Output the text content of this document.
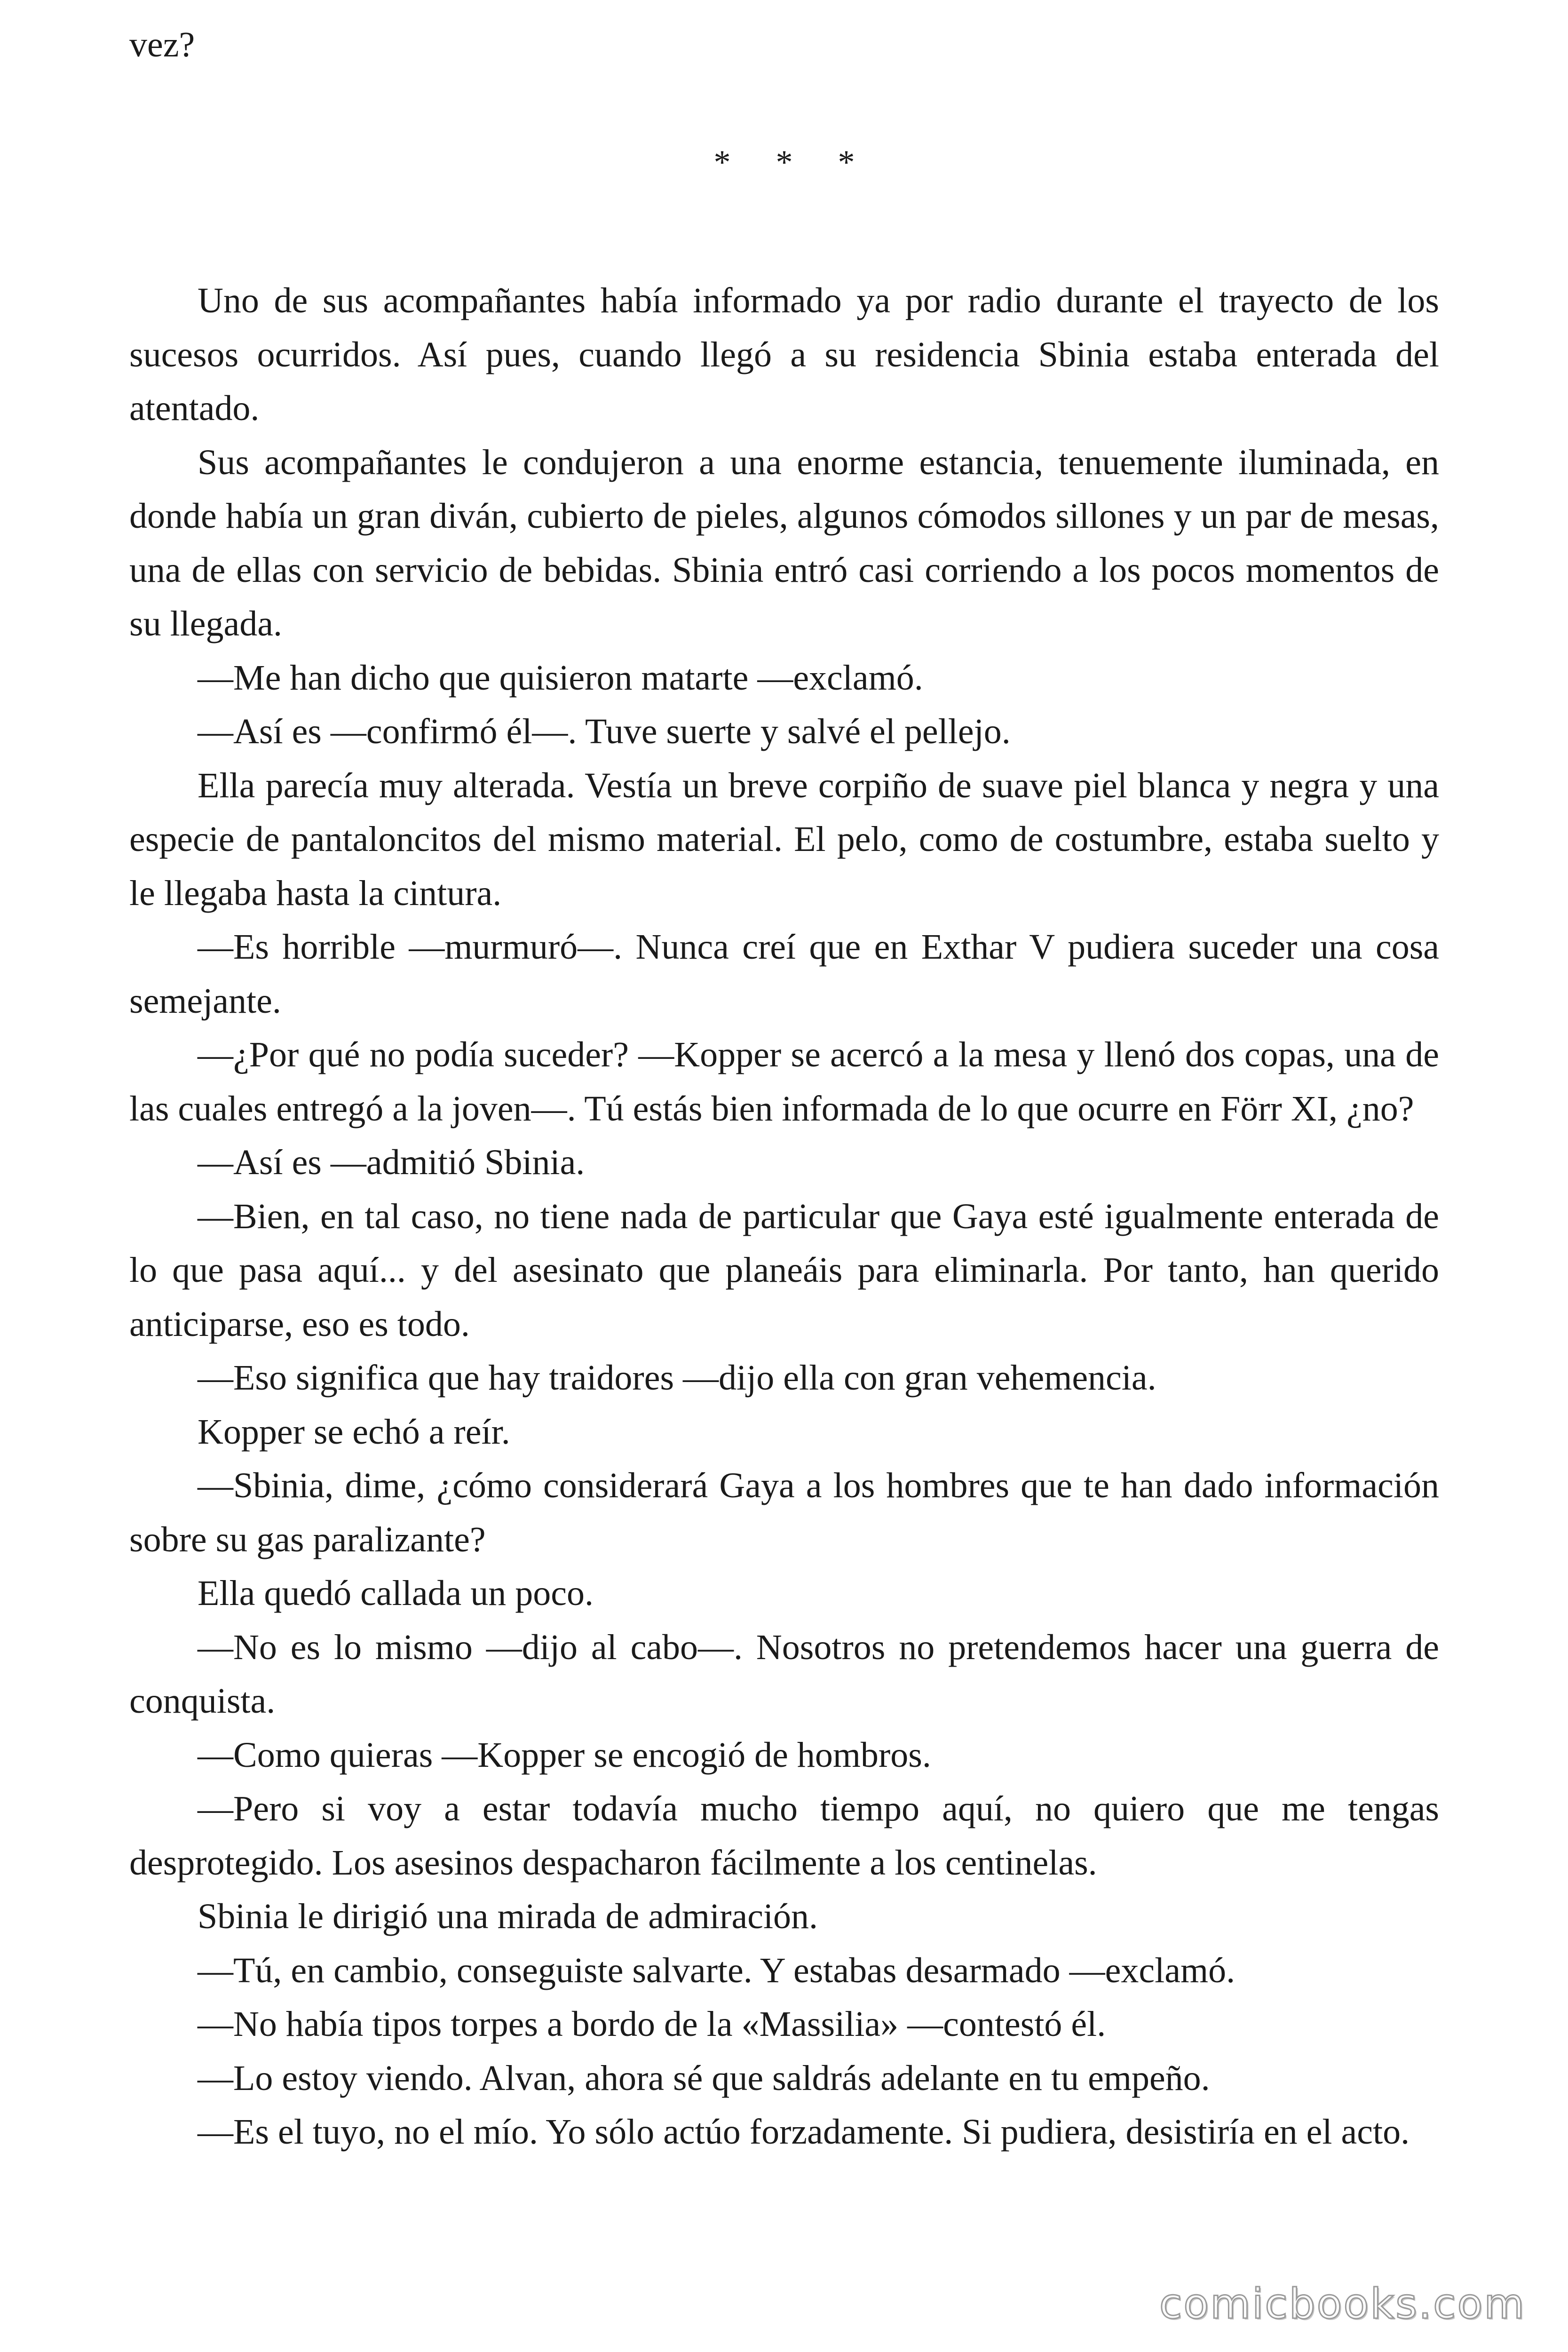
vez?

* * *

Uno de sus acompañantes había informado ya por radio durante el trayecto de los sucesos ocurridos. Así pues, cuando llegó a su residencia Sbinia estaba enterada del atentado.

Sus acompañantes le condujeron a una enorme estancia, tenuemente iluminada, en donde había un gran diván, cubierto de pieles, algunos cómodos sillones y un par de mesas, una de ellas con servicio de bebidas. Sbinia entró casi corriendo a los pocos momentos de su llegada.

—Me han dicho que quisieron matarte —exclamó.

—Así es —confirmó él—. Tuve suerte y salvé el pellejo.

Ella parecía muy alterada. Vestía un breve corpiño de suave piel blanca y negra y una especie de pantaloncitos del mismo material. El pelo, como de costumbre, estaba suelto y le llegaba hasta la cintura.

—Es horrible —murmuró—. Nunca creí que en Exthar V pudiera suceder una cosa semejante.

—¿Por qué no podía suceder? —Kopper se acercó a la mesa y llenó dos copas, una de las cuales entregó a la joven—. Tú estás bien informada de lo que ocurre en Förr XI, ¿no?

—Así es —admitió Sbinia.

—Bien, en tal caso, no tiene nada de particular que Gaya esté igualmente enterada de lo que pasa aquí... y del asesinato que planeáis para eliminarla. Por tanto, han querido anticiparse, eso es todo.

—Eso significa que hay traidores —dijo ella con gran vehemencia.

Kopper se echó a reír.

—Sbinia, dime, ¿cómo considerará Gaya a los hombres que te han dado información sobre su gas paralizante?

Ella quedó callada un poco.

—No es lo mismo —dijo al cabo—. Nosotros no pretendemos hacer una guerra de conquista.

—Como quieras —Kopper se encogió de hombros.

—Pero si voy a estar todavía mucho tiempo aquí, no quiero que me tengas desprotegido. Los asesinos despacharon fácilmente a los centinelas.

Sbinia le dirigió una mirada de admiración.

—Tú, en cambio, conseguiste salvarte. Y estabas desarmado —exclamó.

—No había tipos torpes a bordo de la «Massilia» —contestó él.

—Lo estoy viendo. Alvan, ahora sé que saldrás adelante en tu empeño.

—Es el tuyo, no el mío. Yo sólo actúo forzadamente. Si pudiera, desistiría en el acto.

comicbooks.com
